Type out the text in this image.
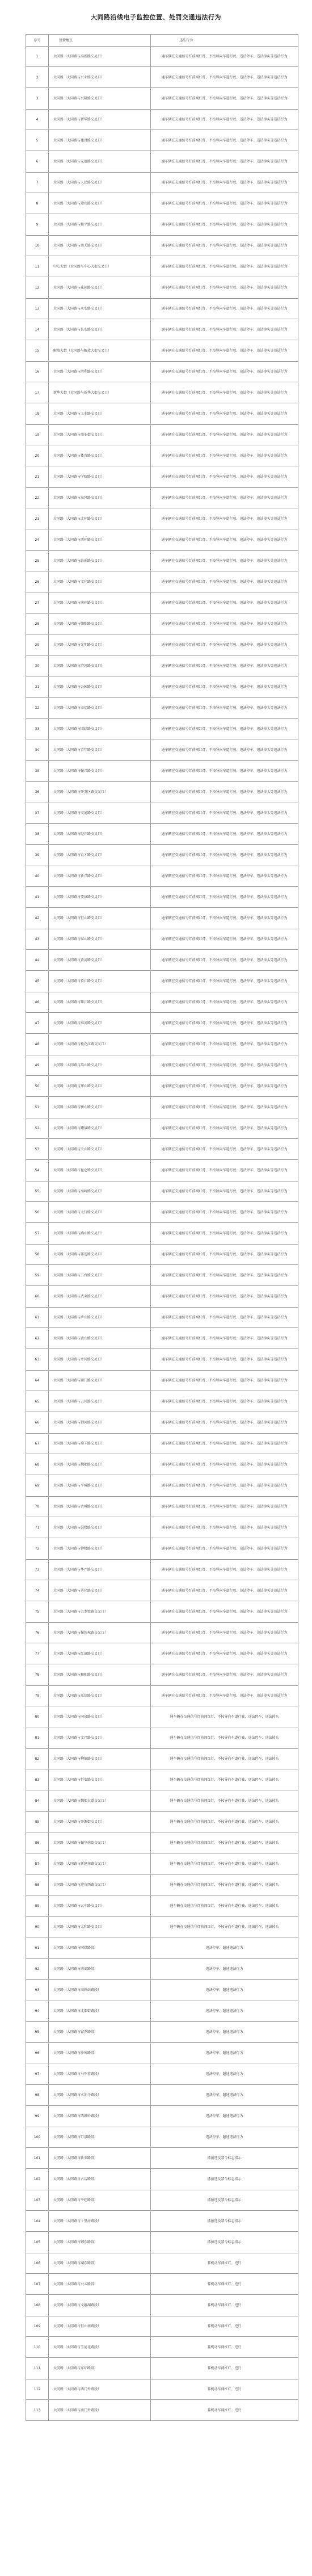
大同路沿线电子监控位置、处罚交通违法行为
序号	设置地点	违法行为
1	大同路（大同路与高新路交叉口）	通车辆在交通信号灯前闯红灯、不按导向车道行驶、违法停车、违法掉头等违法行为
2	大同路（大同路与兴业路交叉口）	通车辆在交通信号灯前闯红灯、不按导向车道行驶、违法停车、违法掉头等违法行为
3	大同路（大同路与兴隆路交叉口）	通车辆在交通信号灯前闯红灯、不按导向车道行驶、违法停车、违法掉头等违法行为
4	大同路（大同路与新华路交叉口）	通车辆在交通信号灯前闯红灯、不按导向车道行驶、违法停车、违法掉头等违法行为
5	大同路（大同路与建设路交叉口）	通车辆在交通信号灯前闯红灯、不按导向车道行驶、违法停车、违法掉头等违法行为
6	大同路（大同路与友谊路交叉口）	通车辆在交通信号灯前闯红灯、不按导向车道行驶、违法停车、违法掉头等违法行为
7	大同路（大同路与人民路交叉口）	通车辆在交通信号灯前闯红灯、不按导向车道行驶、违法停车、违法掉头等违法行为
8	大同路（大同路与迎宾路交叉口）	通车辆在交通信号灯前闯红灯、不按导向车道行驶、违法停车、违法掉头等违法行为
9	大同路（大同路与和平路交叉口）	通车辆在交通信号灯前闯红灯、不按导向车道行驶、违法停车、违法掉头等违法行为
10	大同路（大同路与南关路交叉口）	通车辆在交通信号灯前闯红灯、不按导向车道行驶、违法停车、违法掉头等违法行为
11	中心大街（大同路与中心大街交叉口）	通车辆在交通信号灯前闯红灯、不按导向车道行驶、违法停车、违法掉头等违法行为
12	大同路（大同路与花园路交叉口）	通车辆在交通信号灯前闯红灯、不按导向车道行驶、违法停车、违法掉头等违法行为
13	大同路（大同路与永安路交叉口）	通车辆在交通信号灯前闯红灯、不按导向车道行驶、违法停车、违法掉头等违法行为
14	大同路（大同路与长安路交叉口）	通车辆在交通信号灯前闯红灯、不按导向车道行驶、违法停车、违法掉头等违法行为
15	解放大街（大同路与解放大街交叉口）	通车辆在交通信号灯前闯红灯、不按导向车道行驶、违法停车、违法掉头等违法行为
16	大同路（大同路与胜利路交叉口）	通车辆在交通信号灯前闯红灯、不按导向车道行驶、违法停车、违法掉头等违法行为
17	新华大街（大同路与新华大街交叉口）	通车辆在交通信号灯前闯红灯、不按导向车道行驶、违法停车、违法掉头等违法行为
18	大同路（大同路与工业路交叉口）	通车辆在交通信号灯前闯红灯、不按导向车道行驶、违法停车、违法掉头等违法行为
19	大同路（大同路与商业街交叉口）	通车辆在交通信号灯前闯红灯、不按导向车道行驶、违法停车、违法掉头等违法行为
20	大同路（大同路与体育路交叉口）	通车辆在交通信号灯前闯红灯、不按导向车道行驶、违法停车、违法掉头等违法行为
21	大同路（大同路与学院路交叉口）	通车辆在交通信号灯前闯红灯、不按导向车道行驶、违法停车、违法掉头等违法行为
22	大同路（大同路与东风路交叉口）	通车辆在交通信号灯前闯红灯、不按导向车道行驶、违法停车、违法掉头等违法行为
23	大同路（大同路与北环路交叉口）	通车辆在交通信号灯前闯红灯、不按导向车道行驶、违法停车、违法掉头等违法行为
24	大同路（大同路与西环路交叉口）	通车辆在交通信号灯前闯红灯、不按导向车道行驶、违法停车、违法掉头等违法行为
25	大同路（大同路与站前路交叉口）	通车辆在交通信号灯前闯红灯、不按导向车道行驶、违法停车、违法掉头等违法行为
26	大同路（大同路与文化路交叉口）	通车辆在交通信号灯前闯红灯、不按导向车道行驶、违法停车、违法掉头等违法行为
27	大同路（大同路与南环路交叉口）	通车辆在交通信号灯前闯红灯、不按导向车道行驶、违法停车、违法掉头等违法行为
28	大同路（大同路与朝阳路交叉口）	通车辆在交通信号灯前闯红灯、不按导向车道行驶、违法停车、违法掉头等违法行为
29	大同路（大同路与光明路交叉口）	通车辆在交通信号灯前闯红灯、不按导向车道行驶、违法停车、违法掉头等违法行为
30	大同路（大同路与滨河路交叉口）	通车辆在交通信号灯前闯红灯、不按导向车道行驶、违法停车、违法掉头等违法行为
31	大同路（大同路与公园路交叉口）	通车辆在交通信号灯前闯红灯、不按导向车道行驶、违法停车、违法掉头等违法行为
32	大同路（大同路与幸福路交叉口）	通车辆在交通信号灯前闯红灯、不按导向车道行驶、违法停车、违法掉头等违法行为
33	大同路（大同路与团结路交叉口）	通车辆在交通信号灯前闯红灯、不按导向车道行驶、违法停车、违法掉头等违法行为
34	大同路（大同路与青年路交叉口）	通车辆在交通信号灯前闯红灯、不按导向车道行驶、违法停车、违法掉头等违法行为
35	大同路（大同路与振兴路交叉口）	通车辆在交通信号灯前闯红灯、不按导向车道行驶、违法停车、违法掉头等违法行为
36	大同路（大同路与开发区路交叉口）	通车辆在交通信号灯前闯红灯、不按导向车道行驶、违法停车、违法掉头等违法行为
37	大同路（大同路与交通路交叉口）	通车辆在交通信号灯前闯红灯、不按导向车道行驶、违法停车、违法掉头等违法行为
38	大同路（大同路与经纬路交叉口）	通车辆在交通信号灯前闯红灯、不按导向车道行驶、违法停车、违法掉头等违法行为
39	大同路（大同路与育才路交叉口）	通车辆在交通信号灯前闯红灯、不按导向车道行驶、违法停车、违法掉头等违法行为
40	大同路（大同路与新兴路交叉口）	通车辆在交通信号灯前闯红灯、不按导向车道行驶、违法停车、违法掉头等违法行为
41	大同路（大同路与安康路交叉口）	通车辆在交通信号灯前闯红灯、不按导向车道行驶、违法停车、违法掉头等违法行为
42	大同路（大同路与恒山路交叉口）	通车辆在交通信号灯前闯红灯、不按导向车道行驶、违法停车、违法掉头等违法行为
43	大同路（大同路与泰山路交叉口）	通车辆在交通信号灯前闯红灯、不按导向车道行驶、违法停车、违法掉头等违法行为
44	大同路（大同路与黄河路交叉口）	通车辆在交通信号灯前闯红灯、不按导向车道行驶、违法停车、违法掉头等违法行为
45	大同路（大同路与长江路交叉口）	通车辆在交通信号灯前闯红灯、不按导向车道行驶、违法停车、违法掉头等违法行为
46	大同路（大同路与珠江路交叉口）	通车辆在交通信号灯前闯红灯、不按导向车道行驶、违法停车、违法掉头等违法行为
47	大同路（大同路与淮河路交叉口）	通车辆在交通信号灯前闯红灯、不按导向车道行驶、违法停车、违法掉头等违法行为
48	大同路（大同路与松花江路交叉口）	通车辆在交通信号灯前闯红灯、不按导向车道行驶、违法停车、违法掉头等违法行为
49	大同路（大同路与嵩山路交叉口）	通车辆在交通信号灯前闯红灯、不按导向车道行驶、违法停车、违法掉头等违法行为
50	大同路（大同路与华山路交叉口）	通车辆在交通信号灯前闯红灯、不按导向车道行驶、违法停车、违法掉头等违法行为
51	大同路（大同路与衡山路交叉口）	通车辆在交通信号灯前闯红灯、不按导向车道行驶、违法停车、违法掉头等违法行为
52	大同路（大同路与峨眉路交叉口）	通车辆在交通信号灯前闯红灯、不按导向车道行驶、违法停车、违法掉头等违法行为
53	大同路（大同路与天山路交叉口）	通车辆在交通信号灯前闯红灯、不按导向车道行驶、违法停车、违法掉头等违法行为
54	大同路（大同路与昆仑路交叉口）	通车辆在交通信号灯前闯红灯、不按导向车道行驶、违法停车、违法掉头等违法行为
55	大同路（大同路与秦岭路交叉口）	通车辆在交通信号灯前闯红灯、不按导向车道行驶、违法停车、违法掉头等违法行为
56	大同路（大同路与太行路交叉口）	通车辆在交通信号灯前闯红灯、不按导向车道行驶、违法停车、违法掉头等违法行为
57	大同路（大同路与燕山路交叉口）	通车辆在交通信号灯前闯红灯、不按导向车道行驶、违法停车、违法掉头等违法行为
58	大同路（大同路与祁连路交叉口）	通车辆在交通信号灯前闯红灯、不按导向车道行驶、违法停车、违法掉头等违法行为
59	大同路（大同路与五台路交叉口）	通车辆在交通信号灯前闯红灯、不按导向车道行驶、违法停车、违法掉头等违法行为
60	大同路（大同路与武夷路交叉口）	通车辆在交通信号灯前闯红灯、不按导向车道行驶、违法停车、违法掉头等违法行为
61	大同路（大同路与庐山路交叉口）	通车辆在交通信号灯前闯红灯、不按导向车道行驶、违法停车、违法掉头等违法行为
62	大同路（大同路与黄山路交叉口）	通车辆在交通信号灯前闯红灯、不按导向车道行驶、违法停车、违法掉头等违法行为
63	大同路（大同路与井冈路交叉口）	通车辆在交通信号灯前闯红灯、不按导向车道行驶、违法停车、违法掉头等违法行为
64	大同路（大同路与雁门路交叉口）	通车辆在交通信号灯前闯红灯、不按导向车道行驶、违法停车、违法掉头等违法行为
65	大同路（大同路与云冈路交叉口）	通车辆在交通信号灯前闯红灯、不按导向车道行驶、违法停车、违法掉头等违法行为
66	大同路（大同路与御河路交叉口）	通车辆在交通信号灯前闯红灯、不按导向车道行驶、违法停车、违法掉头等违法行为
67	大同路（大同路与桑干路交叉口）	通车辆在交通信号灯前闯红灯、不按导向车道行驶、违法停车、违法掉头等违法行为
68	大同路（大同路与魏都路交叉口）	通车辆在交通信号灯前闯红灯、不按导向车道行驶、违法停车、违法掉头等违法行为
69	大同路（大同路与平城路交叉口）	通车辆在交通信号灯前闯红灯、不按导向车道行驶、违法停车、违法掉头等违法行为
70	大同路（大同路与古城路交叉口）	通车辆在交通信号灯前闯红灯、不按导向车道行驶、违法停车、违法掉头等违法行为
71	大同路（大同路与鼓楼路交叉口）	通车辆在交通信号灯前闯红灯、不按导向车道行驶、违法停车、违法掉头等违法行为
72	大同路（大同路与钟楼路交叉口）	通车辆在交通信号灯前闯红灯、不按导向车道行驶、违法停车、违法掉头等违法行为
73	大同路（大同路与华严路交叉口）	通车辆在交通信号灯前闯红灯、不按导向车道行驶、违法停车、违法掉头等违法行为
74	大同路（大同路与善化路交叉口）	通车辆在交通信号灯前闯红灯、不按导向车道行驶、违法停车、违法掉头等违法行为
75	大同路（大同路与九龙壁路交叉口）	通车辆在交通信号灯前闯红灯、不按导向车道行驶、违法停车、违法掉头等违法行为
76	大同路（大同路与操场城路交叉口）	通车辆在交通信号灯前闯红灯、不按导向车道行驶、违法停车、违法掉头等违法行为
77	大同路（大同路与红旗路交叉口）	通车辆在交通信号灯前闯红灯、不按导向车道行驶、违法停车、违法掉头等违法行为
78	大同路（大同路与和阳路交叉口）	通车辆在交通信号灯前闯红灯、不按导向车道行驶、违法停车、违法掉头等违法行为
79	大同路（大同路与东信路交叉口）	通车辆在交通信号灯前闯红灯、不按导向车道行驶、违法停车、违法掉头等违法行为
80	大同路（大同路与同泉路交叉口）	通车辆在交通信号灯前闯红灯、不按导向车道行驶、违法停车、违法掉头
81	大同路（大同路与文兴路交叉口）	通车辆在交通信号灯前闯红灯、不按导向车道行驶、违法停车、违法掉头
82	大同路（大同路与柳航路交叉口）	通车辆在交通信号灯前闯红灯、不按导向车道行驶、违法停车、违法掉头
83	大同路（大同路与恒安路交叉口）	通车辆在交通信号灯前闯红灯、不按导向车道行驶、违法停车、违法掉头
84	大同路（大同路与魏都大道交叉口）	通车辆在交通信号灯前闯红灯、不按导向车道行驶、违法停车、违法掉头
85	大同路（大同路与开源街交叉口）	通车辆在交通信号灯前闯红灯、不按导向车道行驶、违法停车、违法掉头
86	大同路（大同路与振华南街交叉口）	通车辆在交通信号灯前闯红灯、不按导向车道行驶、违法停车、违法掉头
87	大同路（大同路与新建南路交叉口）	通车辆在交通信号灯前闯红灯、不按导向车道行驶、违法停车、违法掉头
88	大同路（大同路与迎宾西路交叉口）	通车辆在交通信号灯前闯红灯、不按导向车道行驶、违法停车、违法掉头
89	大同路（大同路与云中路交叉口）	通车辆在交通信号灯前闯红灯、不按导向车道行驶、违法停车、违法掉头
90	大同路（大同路与太和路交叉口）	通车辆在交通信号灯前闯红灯、不按导向车道行驶、违法停车、违法掉头
91	大同路（大同路与同煤路段）	违法停车、超速违法行为
92	大同路（大同路与南郊路段）	违法停车、超速违法行为
93	大同路（大同路与高铁站路段）	违法停车、超速违法行为
94	大同路（大同路与北都街路段）	违法停车、超速违法行为
95	大同路（大同路与富乔路段）	违法停车、超速违法行为
96	大同路（大同路与沙岭路段）	违法停车、超速违法行为
97	大同路（大同路与马军营路段）	违法停车、超速违法行为
98	大同路（大同路与水泊寺路段）	违法停车、超速违法行为
99	大同路（大同路与西韩岭路段）	违法停车、超速违法行为
100	大同路（大同路与口泉路段）	违法停车、超速违法行为
101	大同路（大同路与新荣路段）	抓拍违反禁令标志指示
102	大同路（大同路与古店路段）	抓拍违反禁令标志指示
103	大同路（大同路与平旺路段）	抓拍违反禁令标志指示
104	大同路（大同路与十里河路段）	抓拍违反禁令标志指示
105	大同路（大同路与御东路段）	抓拍违反禁令标志指示
106	大同路（大同路与湖东路段）	非机动车闯红灯、逆行
107	大同路（大同路与兴云路段）	非机动车闯红灯、逆行
108	大同路（大同路与文瀛湖路段）	非机动车闯红灯、逆行
109	大同路（大同路与恒山南路段）	非机动车闯红灯、逆行
110	大同路（大同路与玉河北路段）	非机动车闯红灯、逆行
111	大同路（大同路与东环路段）	非机动车闯红灯、逆行
112	大同路（大同路与西门外路段）	非机动车闯红灯、逆行
113	大同路（大同路与南门外路段）	非机动车闯红灯、逆行
